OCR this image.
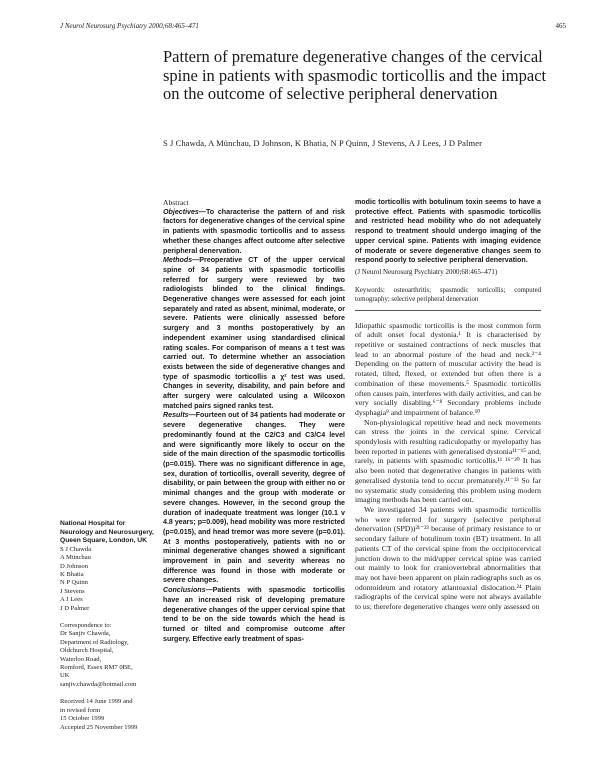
J Neurol Neurosurg Psychiatry 2000;68:465–471	465
Pattern of premature degenerative changes of the cervical spine in patients with spasmodic torticollis and the impact on the outcome of selective peripheral denervation
S J Chawda, A Münchau, D Johnson, K Bhatia, N P Quinn, J Stevens, A J Lees, J D Palmer
National Hospital for Neurology and Neurosurgery, Queen Square, London, UK
S J Chawda
A Münchau
D Johnson
K Bhatia
N P Quinn
J Stevens
A J Lees
J D Palmer
Correspondence to:
Dr Sanjiv Chawda,
Department of Radiology,
Oldchurch Hospital,
Waterloo Road,
Romford, Essex RM7 0BE,
UK
sanjiv.chawda@hotmail.com
Received 14 June 1999 and
in revised form
15 October 1999
Accepted 25 November 1999
Abstract
Objectives—To characterise the pattern of and risk factors for degenerative changes of the cervical spine in patients with spasmodic torticollis and to assess whether these changes affect outcome after selective peripheral denervation.
Methods—Preoperative CT of the upper cervical spine of 34 patients with spasmodic torticollis referred for surgery were reviewed by two radiologists blinded to the clinical findings. Degenerative changes were assessed for each joint separately and rated as absent, minimal, moderate, or severe. Patients were clinically assessed before surgery and 3 months postoperatively by an independent examiner using standardised clinical rating scales. For comparison of means a t test was carried out. To determine whether an association exists between the side of degenerative changes and type of spasmodic torticollis a χ² test was used. Changes in severity, disability, and pain before and after surgery were calculated using a Wilcoxon matched pairs signed ranks test.
Results—Fourteen out of 34 patients had moderate or severe degenerative changes. They were predominantly found at the C2/C3 and C3/C4 level and were significantly more likely to occur on the side of the main direction of the spasmodic torticollis (p=0.015). There was no significant difference in age, sex, duration of torticollis, overall severity, degree of disability, or pain between the group with either no or minimal changes and the group with moderate or severe changes. However, in the second group the duration of inadequate treatment was longer (10.1 v 4.8 years; p=0.009), head mobility was more restricted (p=0.015), and head tremor was more severe (p=0.01). At 3 months postoperatively, patients with no or minimal degenerative changes showed a significant improvement in pain and severity whereas no difference was found in those with moderate or severe changes.
Conclusions—Patients with spasmodic torticollis have an increased risk of developing premature degenerative changes of the upper cervical spine that tend to be on the side towards which the head is turned or tilted and compromise outcome after surgery. Effective early treatment of spas-
modic torticollis with botulinum toxin seems to have a protective effect. Patients with spasmodic torticollis and restricted head mobility who do not adequately respond to treatment should undergo imaging of the upper cervical spine. Patients with imaging evidence of moderate or severe degenerative changes seem to respond poorly to selective peripheral denervation.
(J Neurol Neurosurg Psychiatry 2000;68:465–471)
Keywords: osteoarthritis; spasmodic torticollis; computed tomography; selective peripheral denervation

Idiopathic spasmodic torticollis is the most common form of adult onset focal dystonia.¹ It is characterised by repetitive or sustained contractions of neck muscles that lead to an abnormal posture of the head and neck.²⁻⁴ Depending on the pattern of muscular activity the head is rotated, tilted, flexed, or extended but often there is a combination of these movements.⁵ Spasmodic torticollis often causes pain, interferes with daily activities, and can be very socially disabling.⁶⁻⁸ Secondary problems include dysphagia⁹ and impairment of balance.¹⁰

Non-physiological repetitive head and neck movements can stress the joints in the cervical spine. Cervical spondylosis with resulting radiculopathy or myelopathy has been reported in patients with generalised dystonia¹¹⁻¹⁵ and, rarely, in patients with spasmodic torticollis.¹¹ ¹⁶⁻²⁰ It has also been noted that degenerative changes in patients with generalised dystonia tend to occur prematurely.¹¹⁻¹³ So far no systematic study considering this problem using modern imaging methods has been carried out.

We investigated 34 patients with spasmodic torticollis who were referred for surgery (selective peripheral denervation (SPD))²¹⁻²³ because of primary resistance to or secondary failure of botulinum toxin (BT) treatment. In all patients CT of the cervical spine from the occipitocervical junction down to the mid/upper cervical spine was carried out mainly to look for craniovertebral abnormalities that may not have been apparent on plain radiographs such as os odontoideum and rotatory atlantoaxial dislocation.²⁴ Plain radiographs of the cervical spine were not always available to us; therefore degenerative changes were only assessed on
